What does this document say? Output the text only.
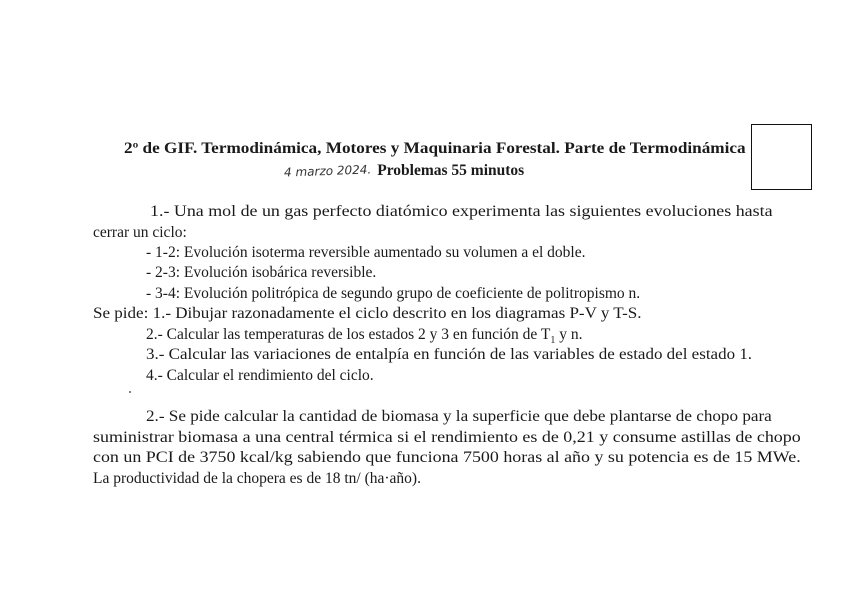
2º de GIF. Termodinámica, Motores y Maquinaria Forestal. Parte de Termodinámica
4 marzo 2024. Problemas 55 minutos
1.- Una mol de un gas perfecto diatómico experimenta las siguientes evoluciones hasta
cerrar un ciclo:
- 1-2: Evolución isoterma reversible aumentado su volumen a el doble.
- 2-3: Evolución isobárica reversible.
- 3-4: Evolución politrópica de segundo grupo de coeficiente de politropismo n.
Se pide: 1.- Dibujar razonadamente el ciclo descrito en los diagramas P-V y T-S.
2.- Calcular las temperaturas de los estados 2 y 3 en función de $T_1$ y n.
3.- Calcular las variaciones de entalpía en función de las variables de estado del estado 1.
4.- Calcular el rendimiento del ciclo.
2.- Se pide calcular la cantidad de biomasa y la superficie que debe plantarse de chopo para
suministrar biomasa a una central térmica si el rendimiento es de 0,21 y consume astillas de chopo
con un PCI de 3750 kcal/kg sabiendo que funciona 7500 horas al año y su potencia es de 15 MWe.
La productividad de la chopera es de 18 tn/ (ha·año).
